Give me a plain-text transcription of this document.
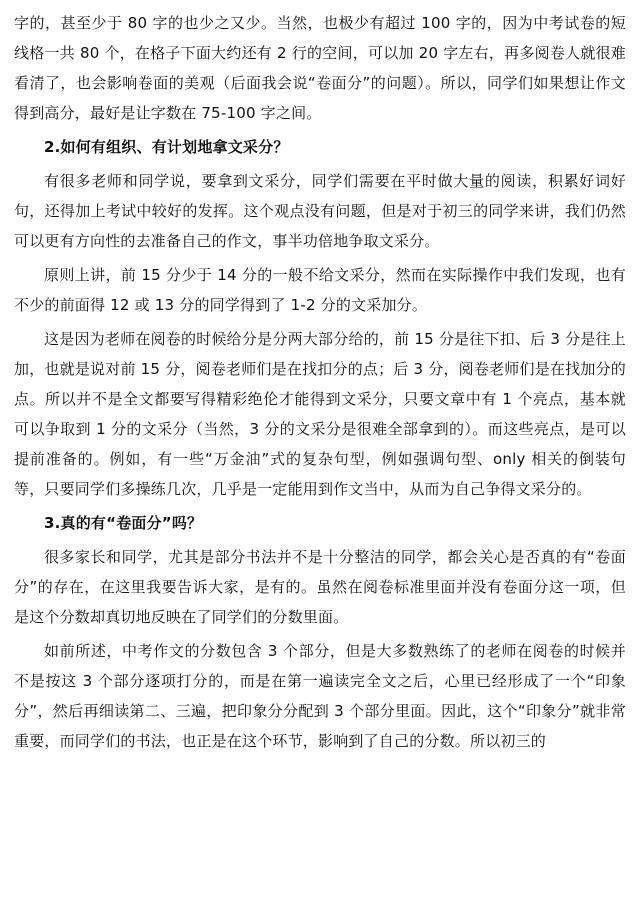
字的，甚至少于 80 字的也少之又少。当然，也极少有超过 100 字的，因为中考试卷的短线格一共 80 个，在格子下面大约还有 2 行的空间，可以加 20 字左右，再多阅卷人就很难看清了，也会影响卷面的美观（后面我会说“卷面分”的问题）。所以，同学们如果想让作文得到高分，最好是让字数在 75-100 字之间。

2.如何有组织、有计划地拿文采分？

有很多老师和同学说，要拿到文采分，同学们需要在平时做大量的阅读，积累好词好句，还得加上考试中较好的发挥。这个观点没有问题，但是对于初三的同学来讲，我们仍然可以更有方向性的去准备自己的作文，事半功倍地争取文采分。

原则上讲，前 15 分少于 14 分的一般不给文采分，然而在实际操作中我们发现，也有不少的前面得 12 或 13 分的同学得到了 1-2 分的文采加分。

这是因为老师在阅卷的时候给分是分两大部分给的，前 15 分是往下扣、后 3 分是往上加，也就是说对前 15 分，阅卷老师们是在找扣分的点；后 3 分，阅卷老师们是在找加分的点。所以并不是全文都要写得精彩绝伦才能得到文采分，只要文章中有 1 个亮点，基本就可以争取到 1 分的文采分（当然，3 分的文采分是很难全部拿到的）。而这些亮点，是可以提前准备的。例如，有一些“万金油”式的复杂句型，例如强调句型、only 相关的倒装句等，只要同学们多操练几次，几乎是一定能用到作文当中，从而为自己争得文采分的。

3.真的有“卷面分”吗？

很多家长和同学，尤其是部分书法并不是十分整洁的同学，都会关心是否真的有“卷面分”的存在，在这里我要告诉大家，是有的。虽然在阅卷标准里面并没有卷面分这一项，但是这个分数却真切地反映在了同学们的分数里面。

如前所述，中考作文的分数包含 3 个部分，但是大多数熟练了的老师在阅卷的时候并不是按这 3 个部分逐项打分的，而是在第一遍读完全文之后，心里已经形成了一个“印象分”，然后再细读第二、三遍，把印象分分配到 3 个部分里面。因此，这个“印象分”就非常重要，而同学们的书法，也正是在这个环节，影响到了自己的分数。所以初三的
